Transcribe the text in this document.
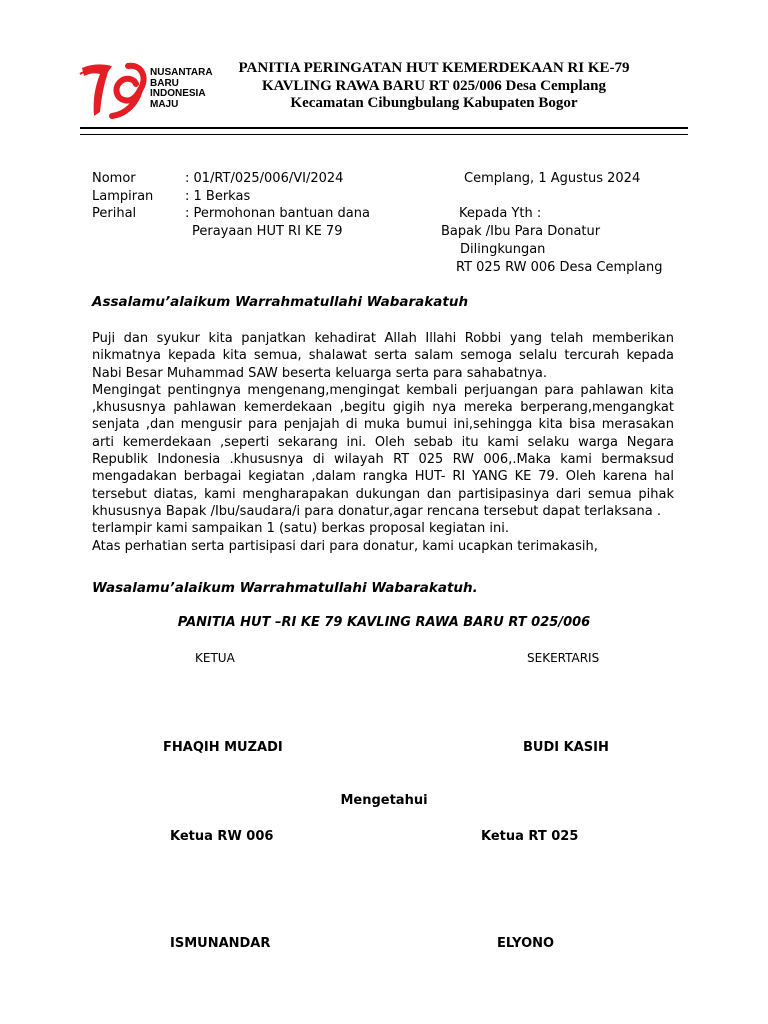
NUSANTARA
BARU
INDONESIA
MAJU
PANITIA PERINGATAN HUT KEMERDEKAAN RI KE-79
KAVLING RAWA BARU RT 025/006 Desa Cemplang
Kecamatan Cibungbulang Kabupaten Bogor
Nomor	: 01/RT/025/006/VI/2024
Lampiran : 1 Berkas
Perihal	: Permohonan bantuan dana
Perayaan HUT RI KE 79
Cemplang, 1 Agustus 2024
Kepada Yth :
Bapak /Ibu Para Donatur
Dilingkungan
RT 025 RW 006 Desa Cemplang
Assalamu’alaikum Warrahmatullahi Wabarakatuh

Puji dan syukur kita panjatkan kehadirat Allah Illahi Robbi yang telah memberikan nikmatnya kepada kita semua, shalawat serta salam semoga selalu tercurah kepada Nabi Besar Muhammad SAW beserta keluarga serta para sahabatnya.

Mengingat pentingnya mengenang,mengingat kembali perjuangan para pahlawan kita ,khususnya pahlawan kemerdekaan ,begitu gigih nya mereka berperang,mengangkat senjata ,dan mengusir para penjajah di muka bumui ini,sehingga kita bisa merasakan arti kemerdekaan ,seperti sekarang ini. Oleh sebab itu kami selaku warga Negara Republik Indonesia .khususnya di wilayah RT 025 RW 006,.Maka kami bermaksud mengadakan berbagai kegiatan ,dalam rangka HUT- RI YANG KE 79. Oleh karena hal tersebut diatas, kami mengharapakan dukungan dan partisipasinya dari semua pihak khususnya Bapak /Ibu/saudara/i para donatur,agar rencana tersebut dapat terlaksana .

terlampir kami sampaikan 1 (satu) berkas proposal kegiatan ini.

Atas perhatian serta partisipasi dari para donatur, kami ucapkan terimakasih,

Wasalamu’alaikum Warrahmatullahi Wabarakatuh.
PANITIA HUT –RI KE 79 KAVLING RAWA BARU RT 025/006
KETUA	SEKERTARIS
FHAQIH MUZADI	BUDI KASIH
Mengetahui
Ketua RW 006	Ketua RT 025
ISMUNANDAR	ELYONO
